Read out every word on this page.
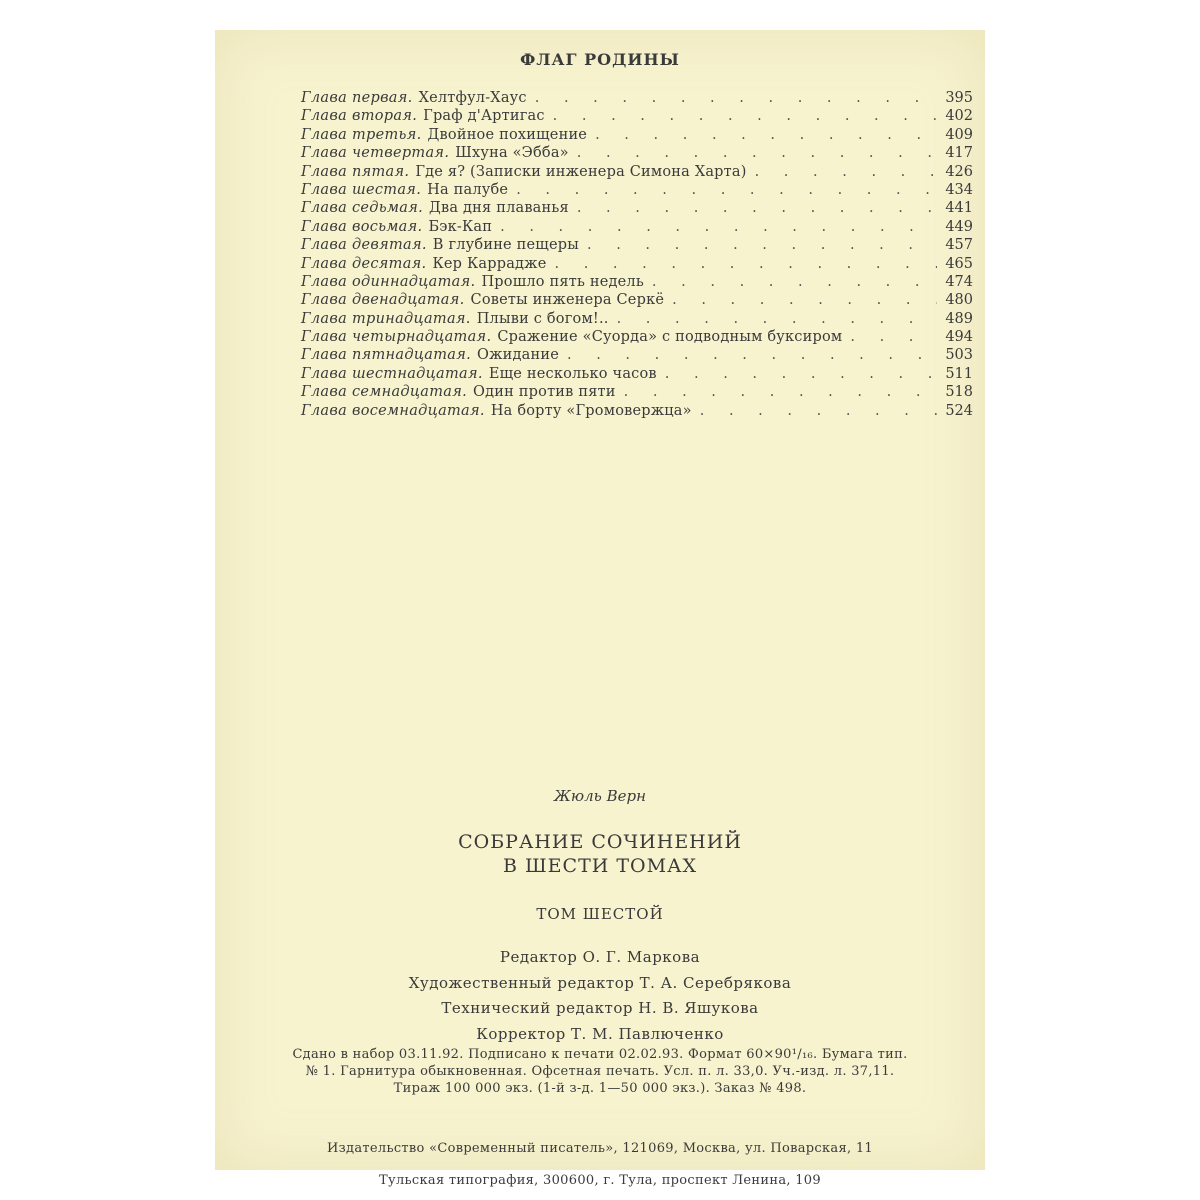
ФЛАГ РОДИНЫ
Глава первая. Хелтфул-Хаус . . .	395
Глава вторая. Граф д'Артигас . . .	402
Глава третья. Двойное похищение . . .	409
Глава четвертая. Шхуна «Эбба» . . .	417
Глава пятая. Где я? (Записки инженера Симона Харта) . . .	426
Глава шестая. На палубе . . .	434
Глава седьмая. Два дня плаванья . . .	441
Глава восьмая. Бэк-Кап . . .	449
Глава девятая. В глубине пещеры . . .	457
Глава десятая. Кер Карраджe . . .	465
Глава одиннадцатая. Прошло пять недель . . .	474
Глава двенадцатая. Советы инженера Серкё . . .	480
Глава тринадцатая. Плыви с богом!.. . . .	489
Глава четырнадцатая. Сражение «Суорда» с подводным буксиром . . .	494
Глава пятнадцатая. Ожидание . . .	503
Глава шестнадцатая. Еще несколько часов . . .	511
Глава семнадцатая. Один против пяти . . .	518
Глава восемнадцатая. На борту «Громовержца» . . .	524
Жюль Верн
СОБРАНИЕ СОЧИНЕНИЙ
В ШЕСТИ ТОМАХ
ТОМ ШЕСТОЙ
Редактор О. Г. Маркова
Художественный редактор Т. А. Серебрякова
Технический редактор Н. В. Яшукова
Корректор Т. М. Павлюченко
Сдано в набор 03.11.92. Подписано к печати 02.02.93. Формат 60×90¹/₁₆. Бумага тип.
№ 1. Гарнитура обыкновенная. Офсетная печать. Усл. п. л. 33,0. Уч.-изд. л. 37,11.
Тираж 100 000 экз. (1-й з-д. 1—50 000 экз.). Заказ № 498.
Издательство «Современный писатель», 121069, Москва, ул. Поварская, 11
Тульская типография, 300600, г. Тула, проспект Ленина, 109
